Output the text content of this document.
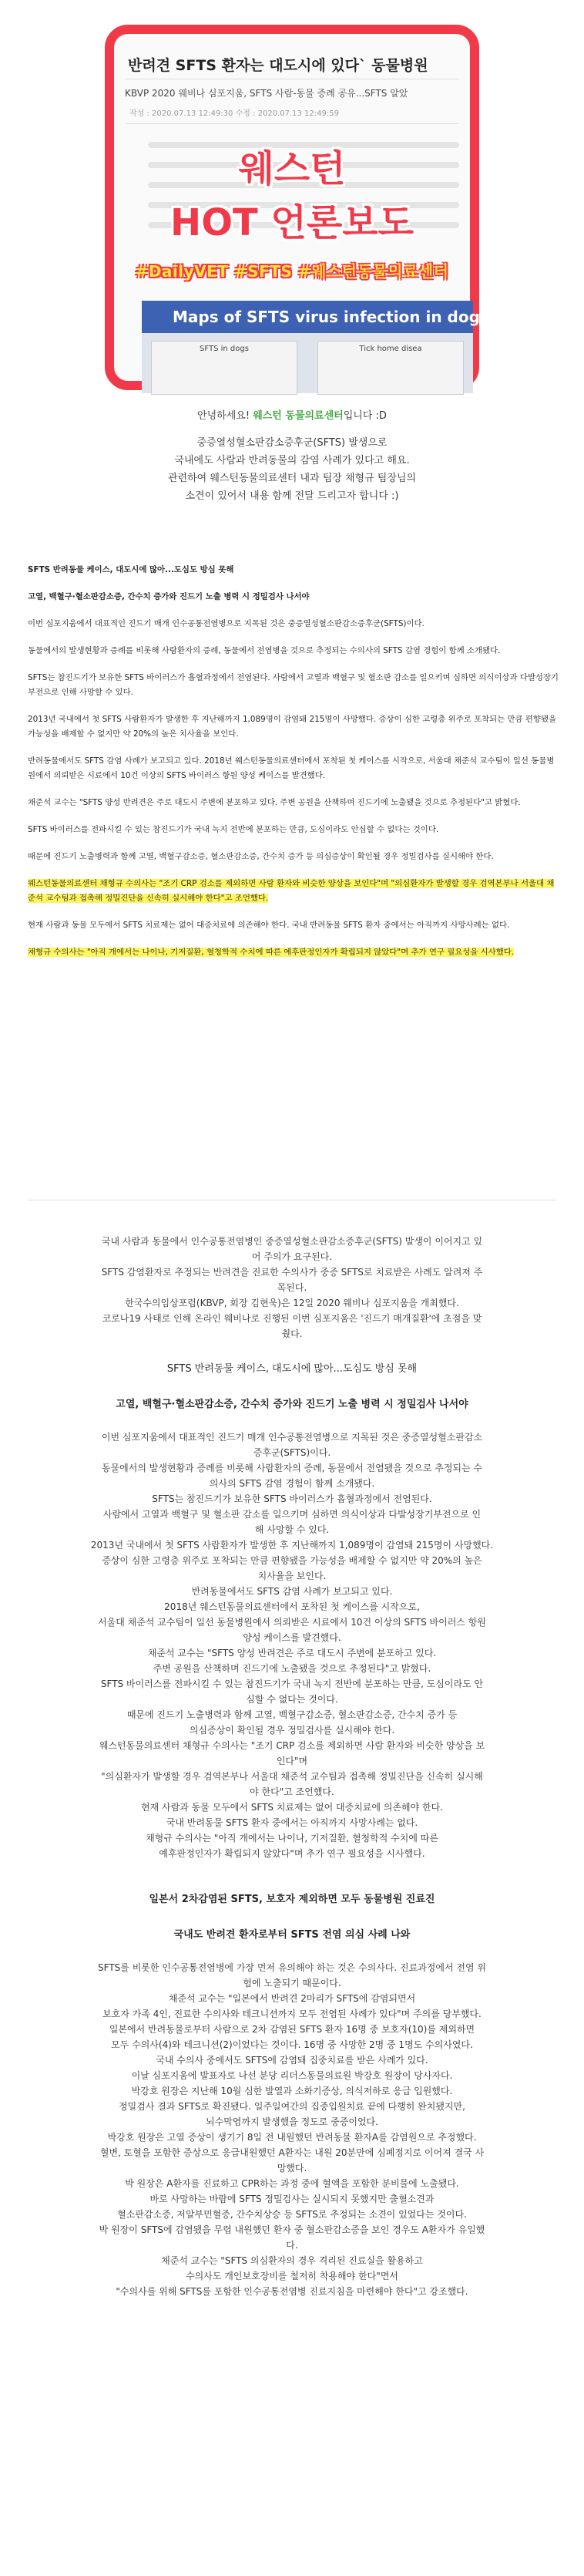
반려견 SFTS 환자는 대도시에 있다` 동물병원
KBVP 2020 웨비나 심포지움, SFTS 사람-동물 증례 공유...SFTS 알았
작성 : 2020.07.13 12:49:30 수정 : 2020.07.13 12:49:59
Maps of SFTS virus infection in dogs and
SFTS in dogs	Tick home disea
웨스턴
HOT 언론보도
#DailyVET #SFTS #웨스턴동물의료센터

안녕하세요! 웨스턴 동물의료센터입니다 :D

중증열성혈소판감소증후군(SFTS) 발생으로

국내에도 사람과 반려동물의 감염 사례가 있다고 해요.

관련하여 웨스턴동물의료센터 내과 팀장 채형규 팀장님의

소견이 있어서 내용 함께 전달 드리고자 합니다 :)

SFTS 반려동물 케이스, 대도시에 많아...도심도 방심 못해

고열, 백혈구·혈소판감소증, 간수치 증가와 진드기 노출 병력 시 정밀검사 나서야

이번 심포지움에서 대표적인 진드기 매개 인수공통전염병으로 지목된 것은 중증열성혈소판감소증후군(SFTS)이다.

동물에서의 발생현황과 증례를 비롯해 사람환자의 증례, 동물에서 전염병을 것으로 추정되는 수의사의 SFTS 감염 경험이 함께 소개됐다.

SFTS는 참진드기가 보유한 SFTS 바이러스가 흡혈과정에서 전염된다. 사람에서 고열과 백혈구 및 혈소판 감소를 일으키며 심하면 의식이상과 다발성장기부전으로 인해 사망할 수 있다.

2013년 국내에서 첫 SFTS 사람환자가 발생한 후 지난해까지 1,089명이 감염돼 215명이 사망했다. 증상이 심한 고령층 위주로 포착되는 만큼 편향됐을 가능성을 배제할 수 없지만 약 20%의 높은 치사율을 보인다.

반려동물에서도 SFTS 감염 사례가 보고되고 있다. 2018년 웨스턴동물의료센터에서 포착된 첫 케이스를 시작으로, 서울대 채준석 교수팀이 일선 동물병원에서 의뢰받은 시료에서 10건 이상의 SFTS 바이러스 항원 양성 케이스를 발견했다.

채준석 교수는 "SFTS 양성 반려견은 주로 대도시 주변에 분포하고 있다. 주변 공원을 산책하며 진드기에 노출됐을 것으로 추정된다"고 밝혔다.

SFTS 바이러스를 전파시킬 수 있는 참진드기가 국내 녹지 전반에 분포하는 만큼, 도심이라도 안심할 수 없다는 것이다.

때문에 진드기 노출병력과 함께 고열, 백혈구감소증, 혈소판감소증, 간수치 증가 등 의심증상이 확인될 경우 정밀검사를 실시해야 한다.

웨스턴동물의료센터 채형규 수의사는 "조기 CRP 검소를 제외하면 사람 환자와 비슷한 양상을 보인다"며 "의심환자가 발생할 경우 검역본부나 서울대 채준석 교수팀과 접촉해 정밀진단을 신속히 실시해야 한다"고 조언했다.

현재 사람과 동물 모두에서 SFTS 치료제는 없어 대증치료에 의존해야 한다. 국내 반려동물 SFTS 환자 중에서는 아직까지 사망사례는 없다.

채형규 수의사는 "아직 개에서는 나이나, 기저질환, 혈청학적 수치에 따른 예후판정인자가 확립되지 않았다"며 추가 연구 필요성을 시사했다.

국내 사람과 동물에서 인수공통전염병인 중증열성혈소판감소증후군(SFTS) 발생이 이어지고 있
어 주의가 요구된다.
SFTS 감염환자로 추정되는 반려견을 진료한 수의사가 중증 SFTS로 치료받은 사례도 알려져 주
목된다.
한국수의임상포럼(KBVP, 회장 김현욱)은 12일 2020 웨비나 심포지움을 개최했다.
코로나19 사태로 인해 온라인 웨비나로 진행된 이번 심포지움은 '진드기 매개질환'에 초점을 맞
췄다.
SFTS 반려동물 케이스, 대도시에 많아...도심도 방심 못해
고열, 백혈구·혈소판감소증, 간수치 증가와 진드기 노출 병력 시 정밀검사 나서야
이번 심포지움에서 대표적인 진드기 매개 인수공통전염병으로 지목된 것은 중증열성혈소판감소
증후군(SFTS)이다.
동물에서의 발생현황과 증례를 비롯해 사람환자의 증례, 동물에서 전염됐을 것으로 추정되는 수
의사의 SFTS 감염 경험이 함께 소개됐다.
SFTS는 참진드기가 보유한 SFTS 바이러스가 흡혈과정에서 전염된다.
사람에서 고열과 백혈구 및 혈소판 감소를 일으키며 심하면 의식이상과 다발성장기부전으로 인
해 사망할 수 있다.
2013년 국내에서 첫 SFTS 사람환자가 발생한 후 지난해까지 1,089명이 감염돼 215명이 사망했다.
증상이 심한 고령층 위주로 포착되는 만큼 편향됐을 가능성을 배제할 수 없지만 약 20%의 높은
치사율을 보인다.
반려동물에서도 SFTS 감염 사례가 보고되고 있다.
2018년 웨스턴동물의료센터에서 포착된 첫 케이스를 시작으로,
서울대 채준석 교수팀이 일선 동물병원에서 의뢰받은 시료에서 10건 이상의 SFTS 바이러스 항원
양성 케이스를 발견했다.
채준석 교수는 "SFTS 양성 반려견은 주로 대도시 주변에 분포하고 있다.
주변 공원을 산책하며 진드기에 노출됐을 것으로 추정된다"고 밝혔다.
SFTS 바이러스를 전파시킬 수 있는 참진드기가 국내 녹지 전반에 분포하는 만큼, 도심이라도 안
심할 수 없다는 것이다.
때문에 진드기 노출병력과 함께 고열, 백혈구감소증, 혈소판감소증, 간수치 증가 등
의심증상이 확인될 경우 정밀검사를 실시해야 한다.
웨스턴동물의료센터 채형규 수의사는 "조기 CRP 검소를 제외하면 사람 환자와 비슷한 양상을 보
인다"며
"의심환자가 발생할 경우 검역본부나 서울대 채준석 교수팀과 접촉해 정밀진단을 신속히 실시해
야 한다"고 조언했다.
현재 사람과 동물 모두에서 SFTS 치료제는 없어 대증치료에 의존해야 한다.
국내 반려동물 SFTS 환자 중에서는 아직까지 사망사례는 없다.
채형규 수의사는 "아직 개에서는 나이나, 기저질환, 혈청학적 수치에 따른
예후판정인자가 확립되지 않았다"며 추가 연구 필요성을 시사했다.
일본서 2차감염된 SFTS, 보호자 제외하면 모두 동물병원 진료진
국내도 반려견 환자로부터 SFTS 전염 의심 사례 나와
SFTS를 비롯한 인수공통전염병에 가장 먼저 유의해야 하는 것은 수의사다. 진료과정에서 전염 위
험에 노출되기 때문이다.
채준석 교수는 "일본에서 반려견 2마리가 SFTS에 감염되면서
보호자 가족 4인, 진료한 수의사와 테크니션까지 모두 전염된 사례가 있다"며 주의를 당부했다.
일본에서 반려동물로부터 사람으로 2차 감염된 SFTS 환자 16명 중 보호자(10)를 제외하면
모두 수의사(4)와 테크니션(2)이었다는 것이다. 16명 중 사망한 2명 중 1명도 수의사였다.
국내 수의사 중에서도 SFTS에 감염돼 집중치료를 받은 사례가 있다.
이날 심포지움에 발표자로 나선 분당 리더스동물의료원 박강호 원장이 당사자다.
박강호 원장은 지난해 10월 심한 발열과 소화기증상, 의식저하로 응급 입원했다.
정밀검사 결과 SFTS로 확진됐다. 일주일여간의 집중입원치료 끝에 다행히 완치됐지만,
뇌수막염까지 발생했을 정도로 중증이었다.
박강호 원장은 고열 증상이 생기기 8일 전 내원했던 반려동물 환자A를 감염원으로 추정했다.
혈변, 토혈을 포함한 증상으로 응급내원했던 A환자는 내원 20분만에 심폐정지로 이어져 결국 사
망했다.
박 원장은 A환자를 진료하고 CPR하는 과정 중에 혈액을 포함한 분비물에 노출됐다.
바로 사망하는 바람에 SFTS 정밀검사는 실시되지 못했지만 출혈소견과
혈소판감소증, 저알부민혈증, 간수치상승 등 SFTS로 추정되는 소견이 있었다는 것이다.
박 원장이 SFTS에 감염됐을 무렵 내원했던 환자 중 혈소판감소증을 보인 경우도 A환자가 유일했
다.
채준석 교수는 "SFTS 의심환자의 경우 격리된 진료실을 활용하고
수의사도 개인보호장비를 철저히 착용해야 한다"면서
"수의사를 위해 SFTS를 포함한 인수공통전염병 진료지침을 마련해야 한다"고 강조했다.
